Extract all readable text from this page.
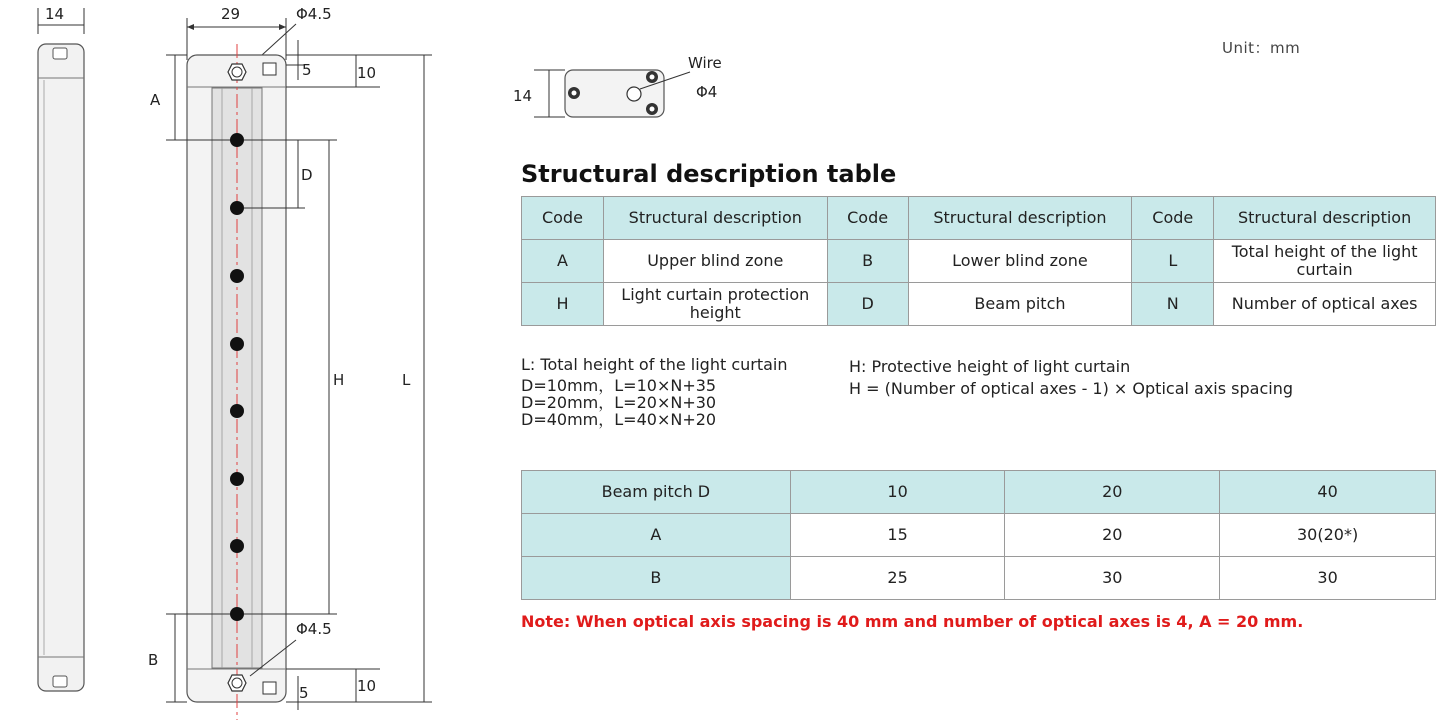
14	29	Φ4.5
A
B
D
H	L
5	10
Φ4.5
10
5
14
Wire
Φ4
Unit：mm
Structural description table
Code	Structural description	Code	Structural description	Code	Structural description
A	Upper blind zone	B	Lower blind zone	L	Total height of the light curtain
H	Light curtain protection height	D	Beam pitch	N	Number of optical axes
L: Total height of the light curtain
D=10mm，L=10×N+35
D=20mm，L=20×N+30
D=40mm，L=40×N+20
H: Protective height of light curtain
H = (Number of optical axes - 1) × Optical axis spacing
Beam pitch D	10	20	40
A	15	20	30(20*)
B	25	30	30
Note: When optical axis spacing is 40 mm and number of optical axes is 4, A = 20 mm.
